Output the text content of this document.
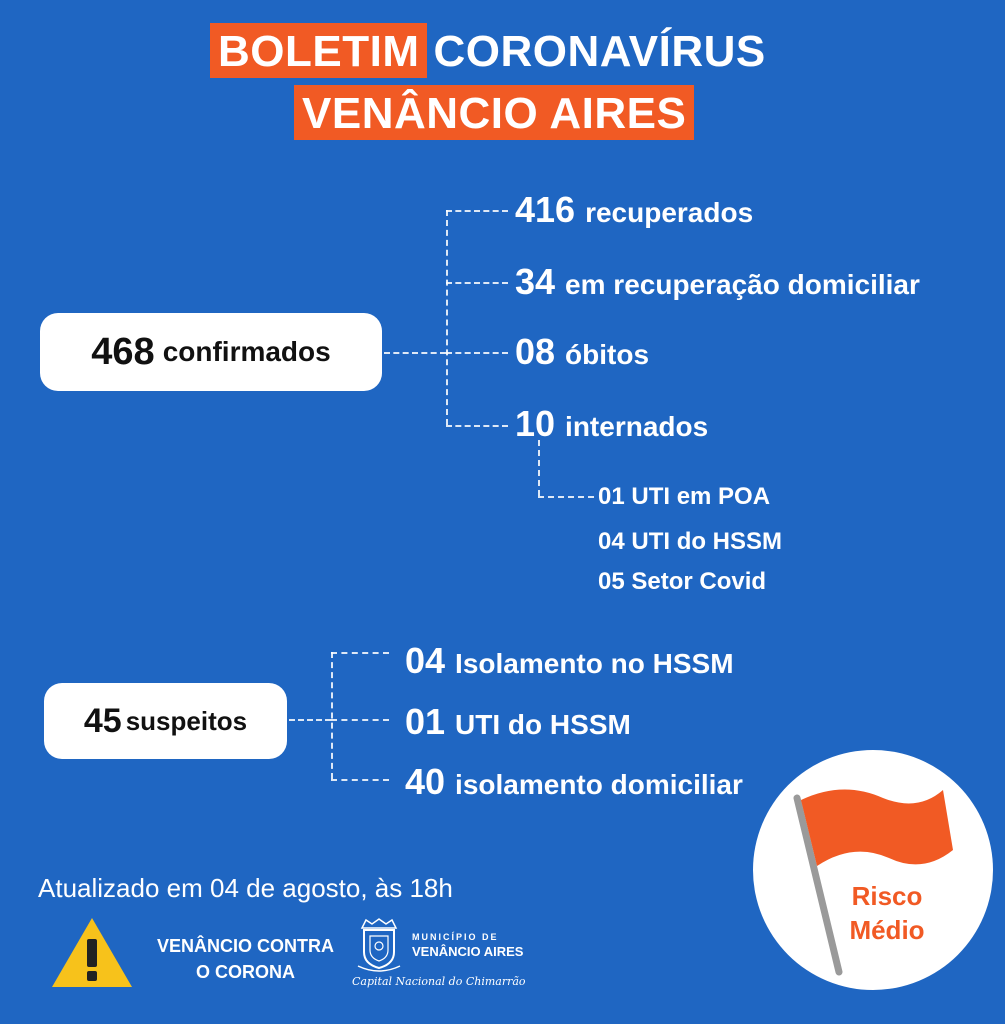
BOLETIM CORONAVÍRUS
VENÂNCIO AIRES
468 confirmados
416 recuperados
34 em recuperação domiciliar
08 óbitos
10 internados
01 UTI em POA
04 UTI do HSSM
05 Setor Covid
45 suspeitos
04 Isolamento no HSSM
01 UTI do HSSM
40 isolamento domiciliar
Atualizado em 04 de agosto, às 18h
VENÂNCIO CONTRA
O CORONA
MUNICÍPIO DE
VENÂNCIO AIRES
Capital Nacional do Chimarrão
Risco
Médio
